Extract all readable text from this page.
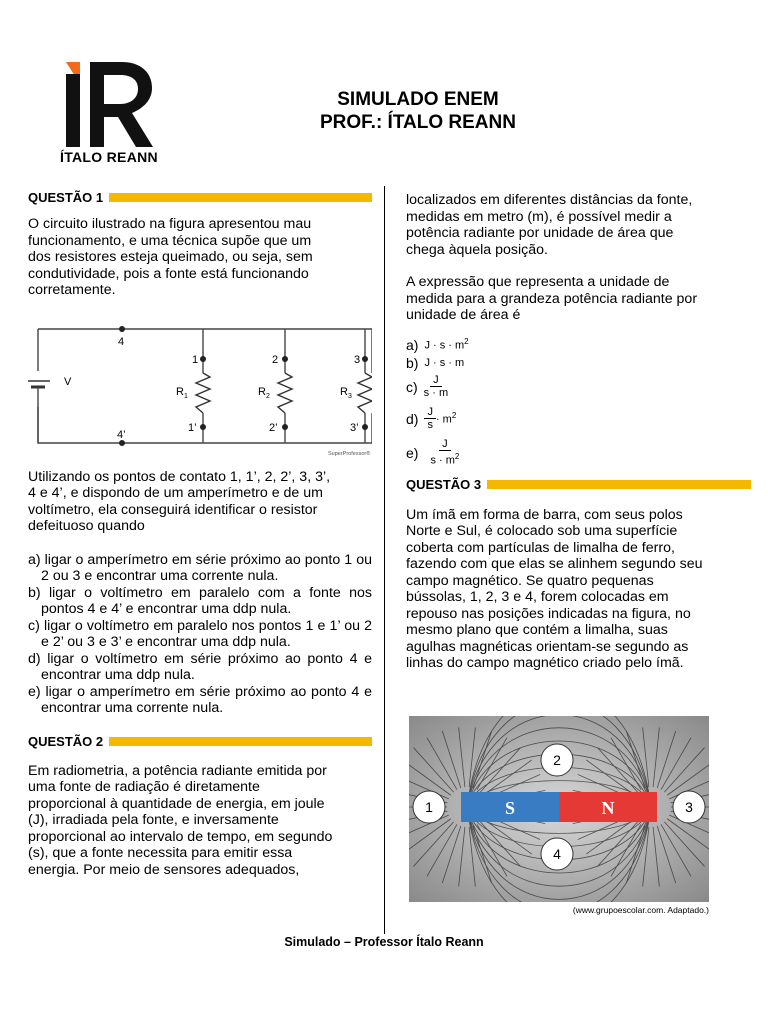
ÍTALO REANN
SIMULADO ENEM
PROF.: ÍTALO REANN
QUESTÃO 1
O circuito ilustrado na figura apresentou mau
funcionamento, e uma técnica supõe que um
dos resistores esteja queimado, ou seja, sem
condutividade, pois a fonte está funcionando
corretamente.
V
4
4’
1
1’
R 1
2
2’
R 2
3
3’
R 3
SuperProfessor®
Utilizando os pontos de contato 1, 1’, 2, 2’, 3, 3’,
4 e 4’, e dispondo de um amperímetro e de um
voltímetro, ela conseguirá identificar o resistor
defeituoso quando
a) ligar o amperímetro em série próximo ao ponto 1 ou 2 ou 3 e encontrar uma corrente nula.
b) ligar o voltímetro em paralelo com a fonte nos pontos 4 e 4’ e encontrar uma ddp nula.
c) ligar o voltímetro em paralelo nos pontos 1 e 1’ ou 2 e 2’ ou 3 e 3’ e encontrar uma ddp nula.
d) ligar o voltímetro em série próximo ao ponto 4 e encontrar uma ddp nula.
e) ligar o amperímetro em série próximo ao ponto 4 e encontrar uma corrente nula.
QUESTÃO 2
Em radiometria, a potência radiante emitida por
uma fonte de radiação é diretamente
proporcional à quantidade de energia, em joule
(J), irradiada pela fonte, e inversamente
proporcional ao intervalo de tempo, em segundo
(s), que a fonte necessita para emitir essa
energia. Por meio de sensores adequados,
localizados em diferentes distâncias da fonte,
medidas em metro (m), é possível medir a
potência radiante por unidade de área que
chega àquela posição.
A expressão que representa a unidade de
medida para a grandeza potência radiante por
unidade de área é
a) $J \cdot s \cdot m^2$
b) J · s · m
$c) \frac{J}{s \cdot m}$
$d) \frac{J}{s} \cdot m^2$
$e) \frac{J}{s \cdot m^2}$
QUESTÃO 3
Um ímã em forma de barra, com seus polos
Norte e Sul, é colocado sob uma superfície
coberta com partículas de limalha de ferro,
fazendo com que elas se alinhem segundo seu
campo magnético. Se quatro pequenas
bússolas, 1, 2, 3 e 4, forem colocadas em
repouso nas posições indicadas na figura, no
mesmo plano que contém a limalha, suas
agulhas magnéticas orientam-se segundo as
linhas do campo magnético criado pelo ímã.
S	N
1
2
3
4
(www.grupoescolar.com. Adaptado.)
Simulado – Professor Ítalo Reann
